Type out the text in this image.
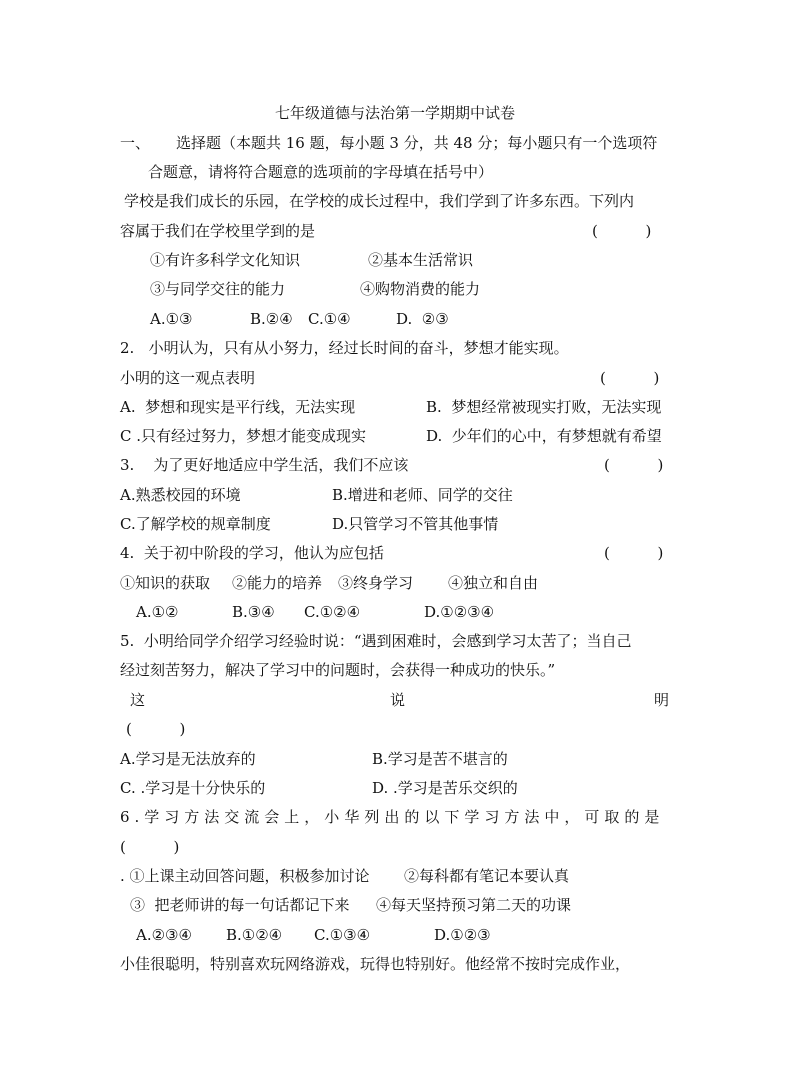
七年级道德与法治第一学期期中试卷
一、 选择题（本题共 16 题，每小题 3 分，共 48 分；每小题只有一个选项符
合题意，请将符合题意的选项前的字母填在括号中）
学校是我们成长的乐园，在学校的成长过程中，我们学到了许多东西。下列内
容属于我们在学校里学到的是	(          )
①有许多科学文化知识	②基本生活常识
③与同学交往的能力	④购物消费的能力
A.①③	B.②④ C.①④	D.  ②③
2.   小明认为，只有从小努力，经过长时间的奋斗，梦想才能实现。
小明的这一观点表明	(          )
A.  梦想和现实是平行线，无法实现	B.  梦想经常被现实打败，无法实现
C .只有经过努力，梦想才能变成现实	D.  少年们的心中，有梦想就有希望
3.    为了更好地适应中学生活，我们不应该	(          )
A.熟悉校园的环境	B.增进和老师、同学的交往
C.了解学校的规章制度	D.只管学习不管其他事情
4.  关于初中阶段的学习，他认为应包括	(          )
①知识的获取 ②能力的培养 ③终身学习 ④独立和自由
A.①②	B.③④ C.①②④	D.①②③④
5.  小明给同学介绍学习经验时说：“遇到困难时，会感到学习太苦了；当自己
经过刻苦努力，解决了学习中的问题时，会获得一种成功的快乐。”
这	说	明
(          )
A.学习是无法放弃的	B.学习是苦不堪言的
C. .学习是十分快乐的	D. .学习是苦乐交织的
6.学习方法交流会上，小华列出的以下学习方法中，可取的是
(          )
. ①上课主动回答问题，积极参加讨论 ②每科都有笔记本要认真
③  把老师讲的每一句话都记下来 ④每天坚持预习第二天的功课
A.②③④ B.①②④ C.①③④	D.①②③
小佳很聪明，特别喜欢玩网络游戏，玩得也特别好。他经常不按时完成作业，
